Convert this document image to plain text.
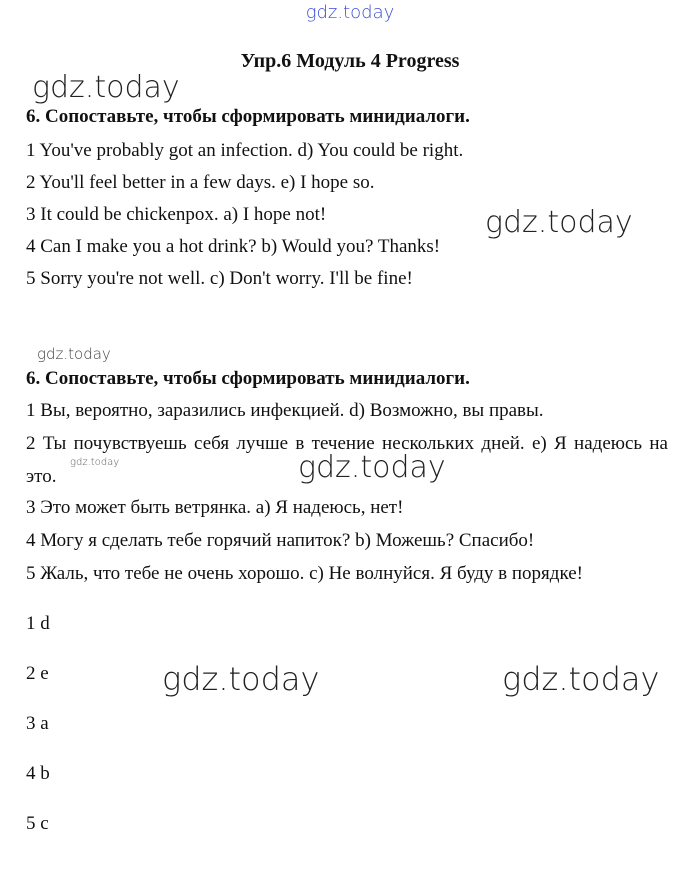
gdz.today
Упр.6 Модуль 4 Progress
gdz.today
6. Сопоставьте, чтобы сформировать минидиалоги.
1 You've probably got an infection. d) You could be right.
2 You'll feel better in a few days. e) I hope so.
3 It could be chickenpox. a) I hope not!
4 Can I make you a hot drink? b) Would you? Thanks!
5 Sorry you're not well. c) Don't worry. I'll be fine!
gdz.today
gdz.today
6. Сопоставьте, чтобы сформировать минидиалоги.
1 Вы, вероятно, заразились инфекцией. d) Возможно, вы правы.
2 Ты почувствуешь себя лучше в течение нескольких дней. e) Я надеюсь на это.
3 Это может быть ветрянка. a) Я надеюсь, нет!
4 Могу я сделать тебе горячий напиток? b) Можешь? Спасибо!
5 Жаль, что тебе не очень хорошо. c) Не волнуйся. Я буду в порядке!
gdz.today	gdz.today
1 d
2 e
3 a
4 b
5 c
gdz.today	gdz.today
